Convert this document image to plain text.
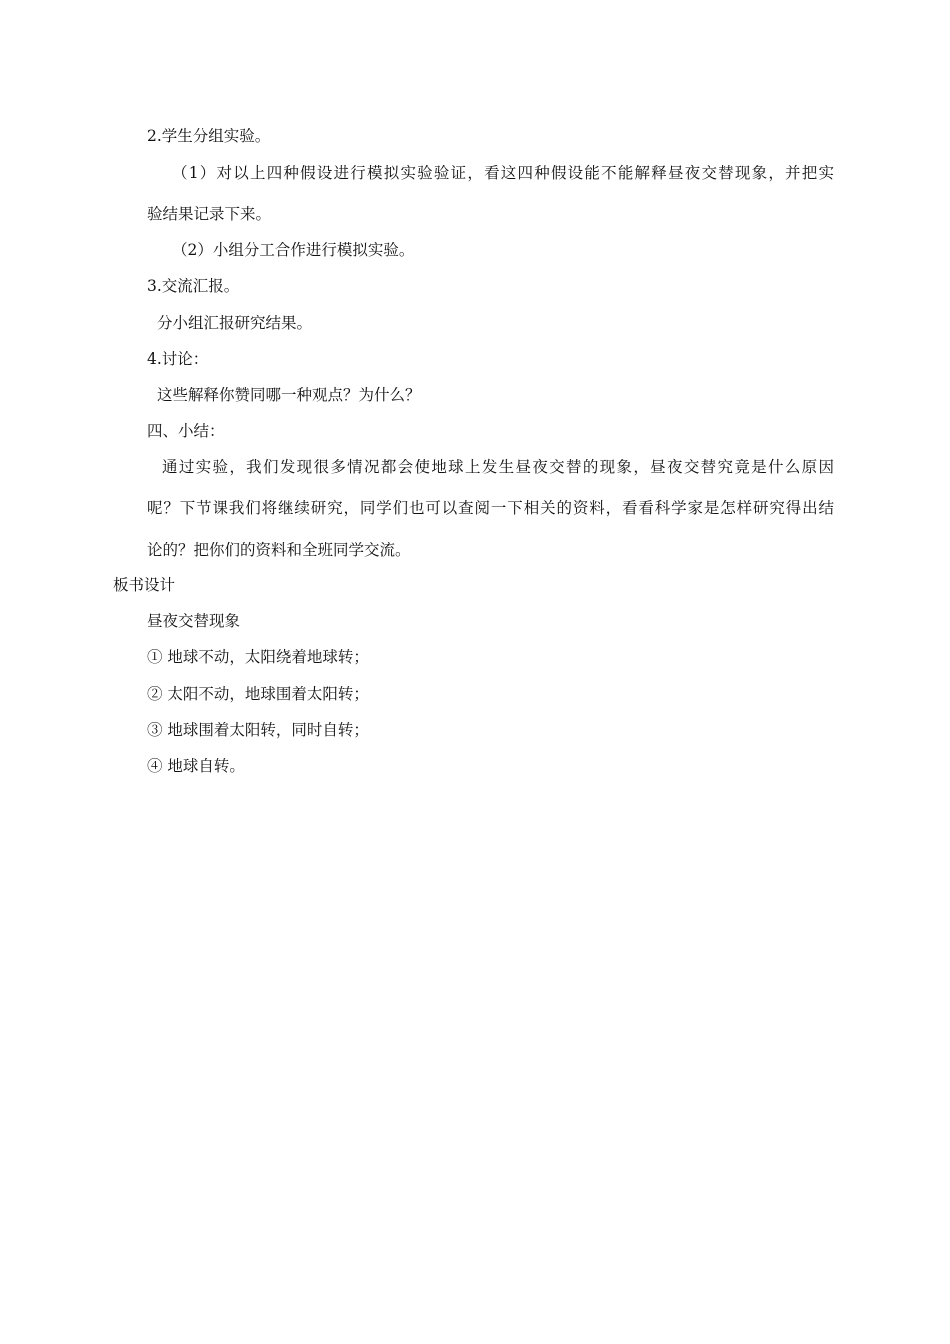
2.学生分组实验。
（1）对以上四种假设进行模拟实验验证，看这四种假设能不能解释昼夜交替现象，并把实
验结果记录下来。
（2）小组分工合作进行模拟实验。
3.交流汇报。
分小组汇报研究结果。
4.讨论：
这些解释你赞同哪一种观点？为什么？
四、小结：
通过实验，我们发现很多情况都会使地球上发生昼夜交替的现象，昼夜交替究竟是什么原因
呢？下节课我们将继续研究，同学们也可以查阅一下相关的资料，看看科学家是怎样研究得出结
论的？把你们的资料和全班同学交流。
板书设计
昼夜交替现象
① 地球不动，太阳绕着地球转；
② 太阳不动，地球围着太阳转；
③ 地球围着太阳转，同时自转；
④ 地球自转。
